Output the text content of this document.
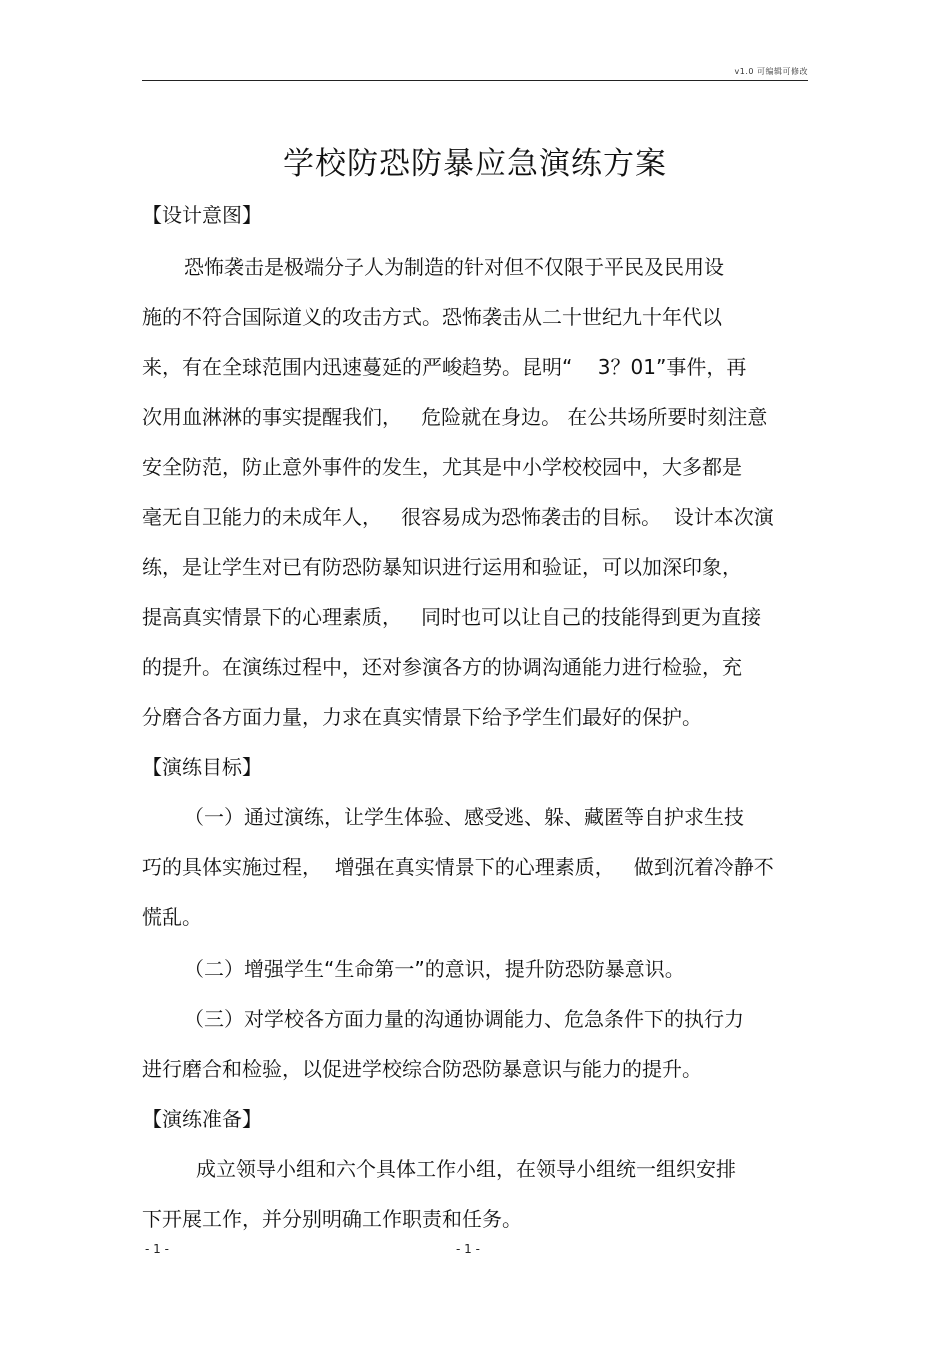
v1.0 可编辑可修改
学校防恐防暴应急演练方案
【设计意图】
恐怖袭击是极端分子人为制造的针对但不仅限于平民及民用设
施的不符合国际道义的攻击方式。恐怖袭击从二十世纪九十年代以
来，有在全球范围内迅速蔓延的严峻趋势。昆明“    3？01”事件，再
次用血淋淋的事实提醒我们，   危险就在身边。 在公共场所要时刻注意
安全防范，防止意外事件的发生，尤其是中小学校校园中，大多都是
毫无自卫能力的未成年人，   很容易成为恐怖袭击的目标。  设计本次演
练，是让学生对已有防恐防暴知识进行运用和验证，可以加深印象，
提高真实情景下的心理素质，   同时也可以让自己的技能得到更为直接
的提升。在演练过程中，还对参演各方的协调沟通能力进行检验，充
分磨合各方面力量，力求在真实情景下给予学生们最好的保护。
【演练目标】
（一）通过演练，让学生体验、感受逃、躲、藏匿等自护求生技
巧的具体实施过程，  增强在真实情景下的心理素质，   做到沉着冷静不
慌乱。
（二）增强学生“生命第一”的意识，提升防恐防暴意识。
（三）对学校各方面力量的沟通协调能力、危急条件下的执行力
进行磨合和检验，以促进学校综合防恐防暴意识与能力的提升。
【演练准备】
成立领导小组和六个具体工作小组，在领导小组统一组织安排
下开展工作，并分别明确工作职责和任务。
- 1 -	- 1 -
